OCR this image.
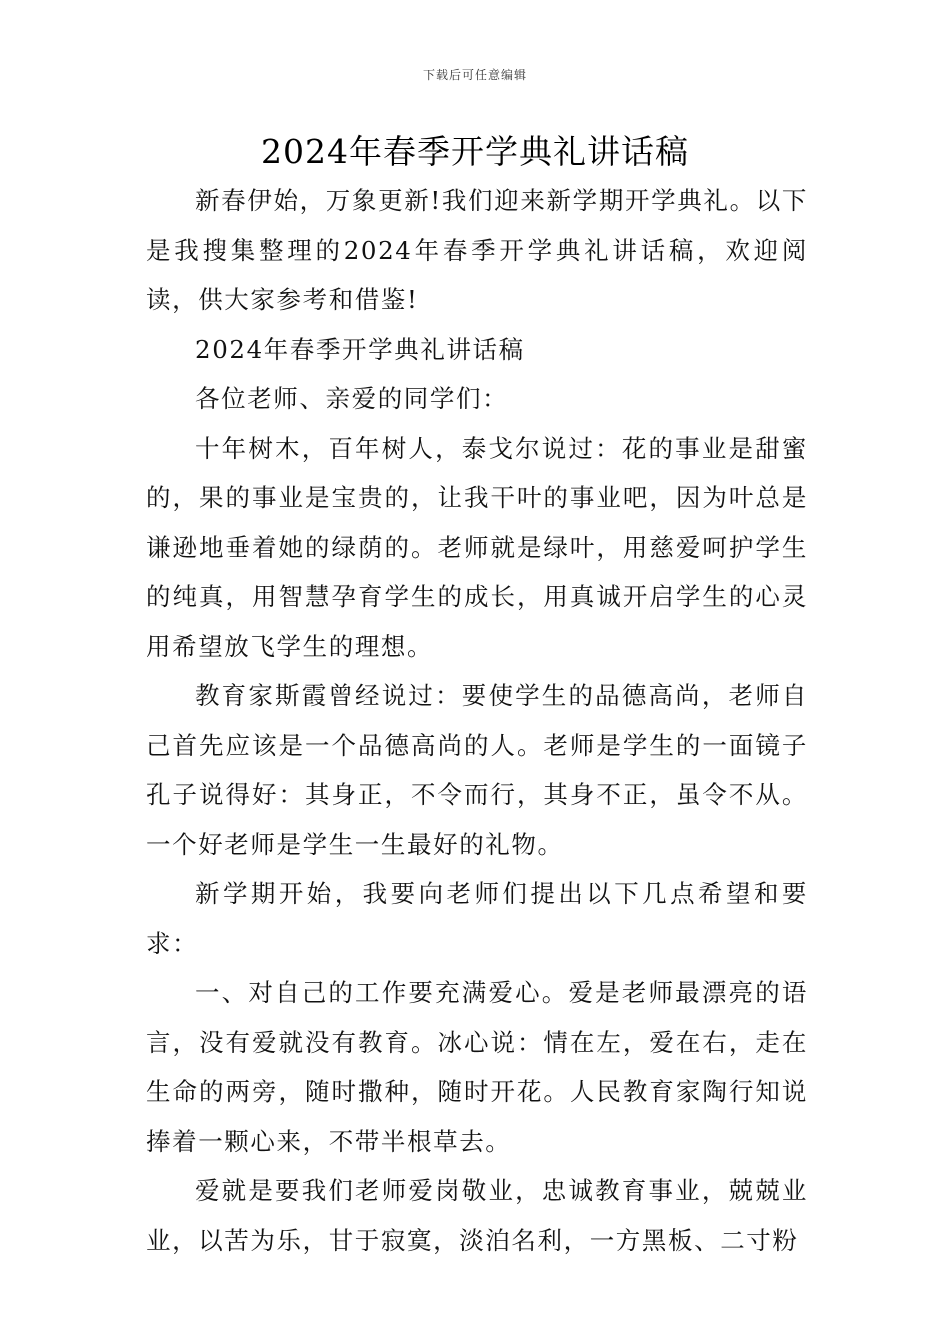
下载后可任意编辑
2024年春季开学典礼讲话稿

新春伊始，万象更新!我们迎来新学期开学典礼。以下是我搜集整理的2024年春季开学典礼讲话稿，欢迎阅读，供大家参考和借鉴!

2024年春季开学典礼讲话稿

各位老师、亲爱的同学们：

十年树木，百年树人，泰戈尔说过：花的事业是甜蜜的，果的事业是宝贵的，让我干叶的事业吧，因为叶总是谦逊地垂着她的绿荫的。老师就是绿叶，用慈爱呵护学生的纯真，用智慧孕育学生的成长，用真诚开启学生的心灵用希望放飞学生的理想。

教育家斯霞曾经说过：要使学生的品德高尚，老师自己首先应该是一个品德高尚的人。老师是学生的一面镜子孔子说得好：其身正，不令而行，其身不正，虽令不从。一个好老师是学生一生最好的礼物。

新学期开始，我要向老师们提出以下几点希望和要求：

一、对自己的工作要充满爱心。爱是老师最漂亮的语言，没有爱就没有教育。冰心说：情在左，爱在右，走在生命的两旁，随时撒种，随时开花。人民教育家陶行知说捧着一颗心来，不带半根草去。

爱就是要我们老师爱岗敬业，忠诚教育事业，兢兢业业，以苦为乐，甘于寂寞，淡泊名利，一方黑板、二寸粉
